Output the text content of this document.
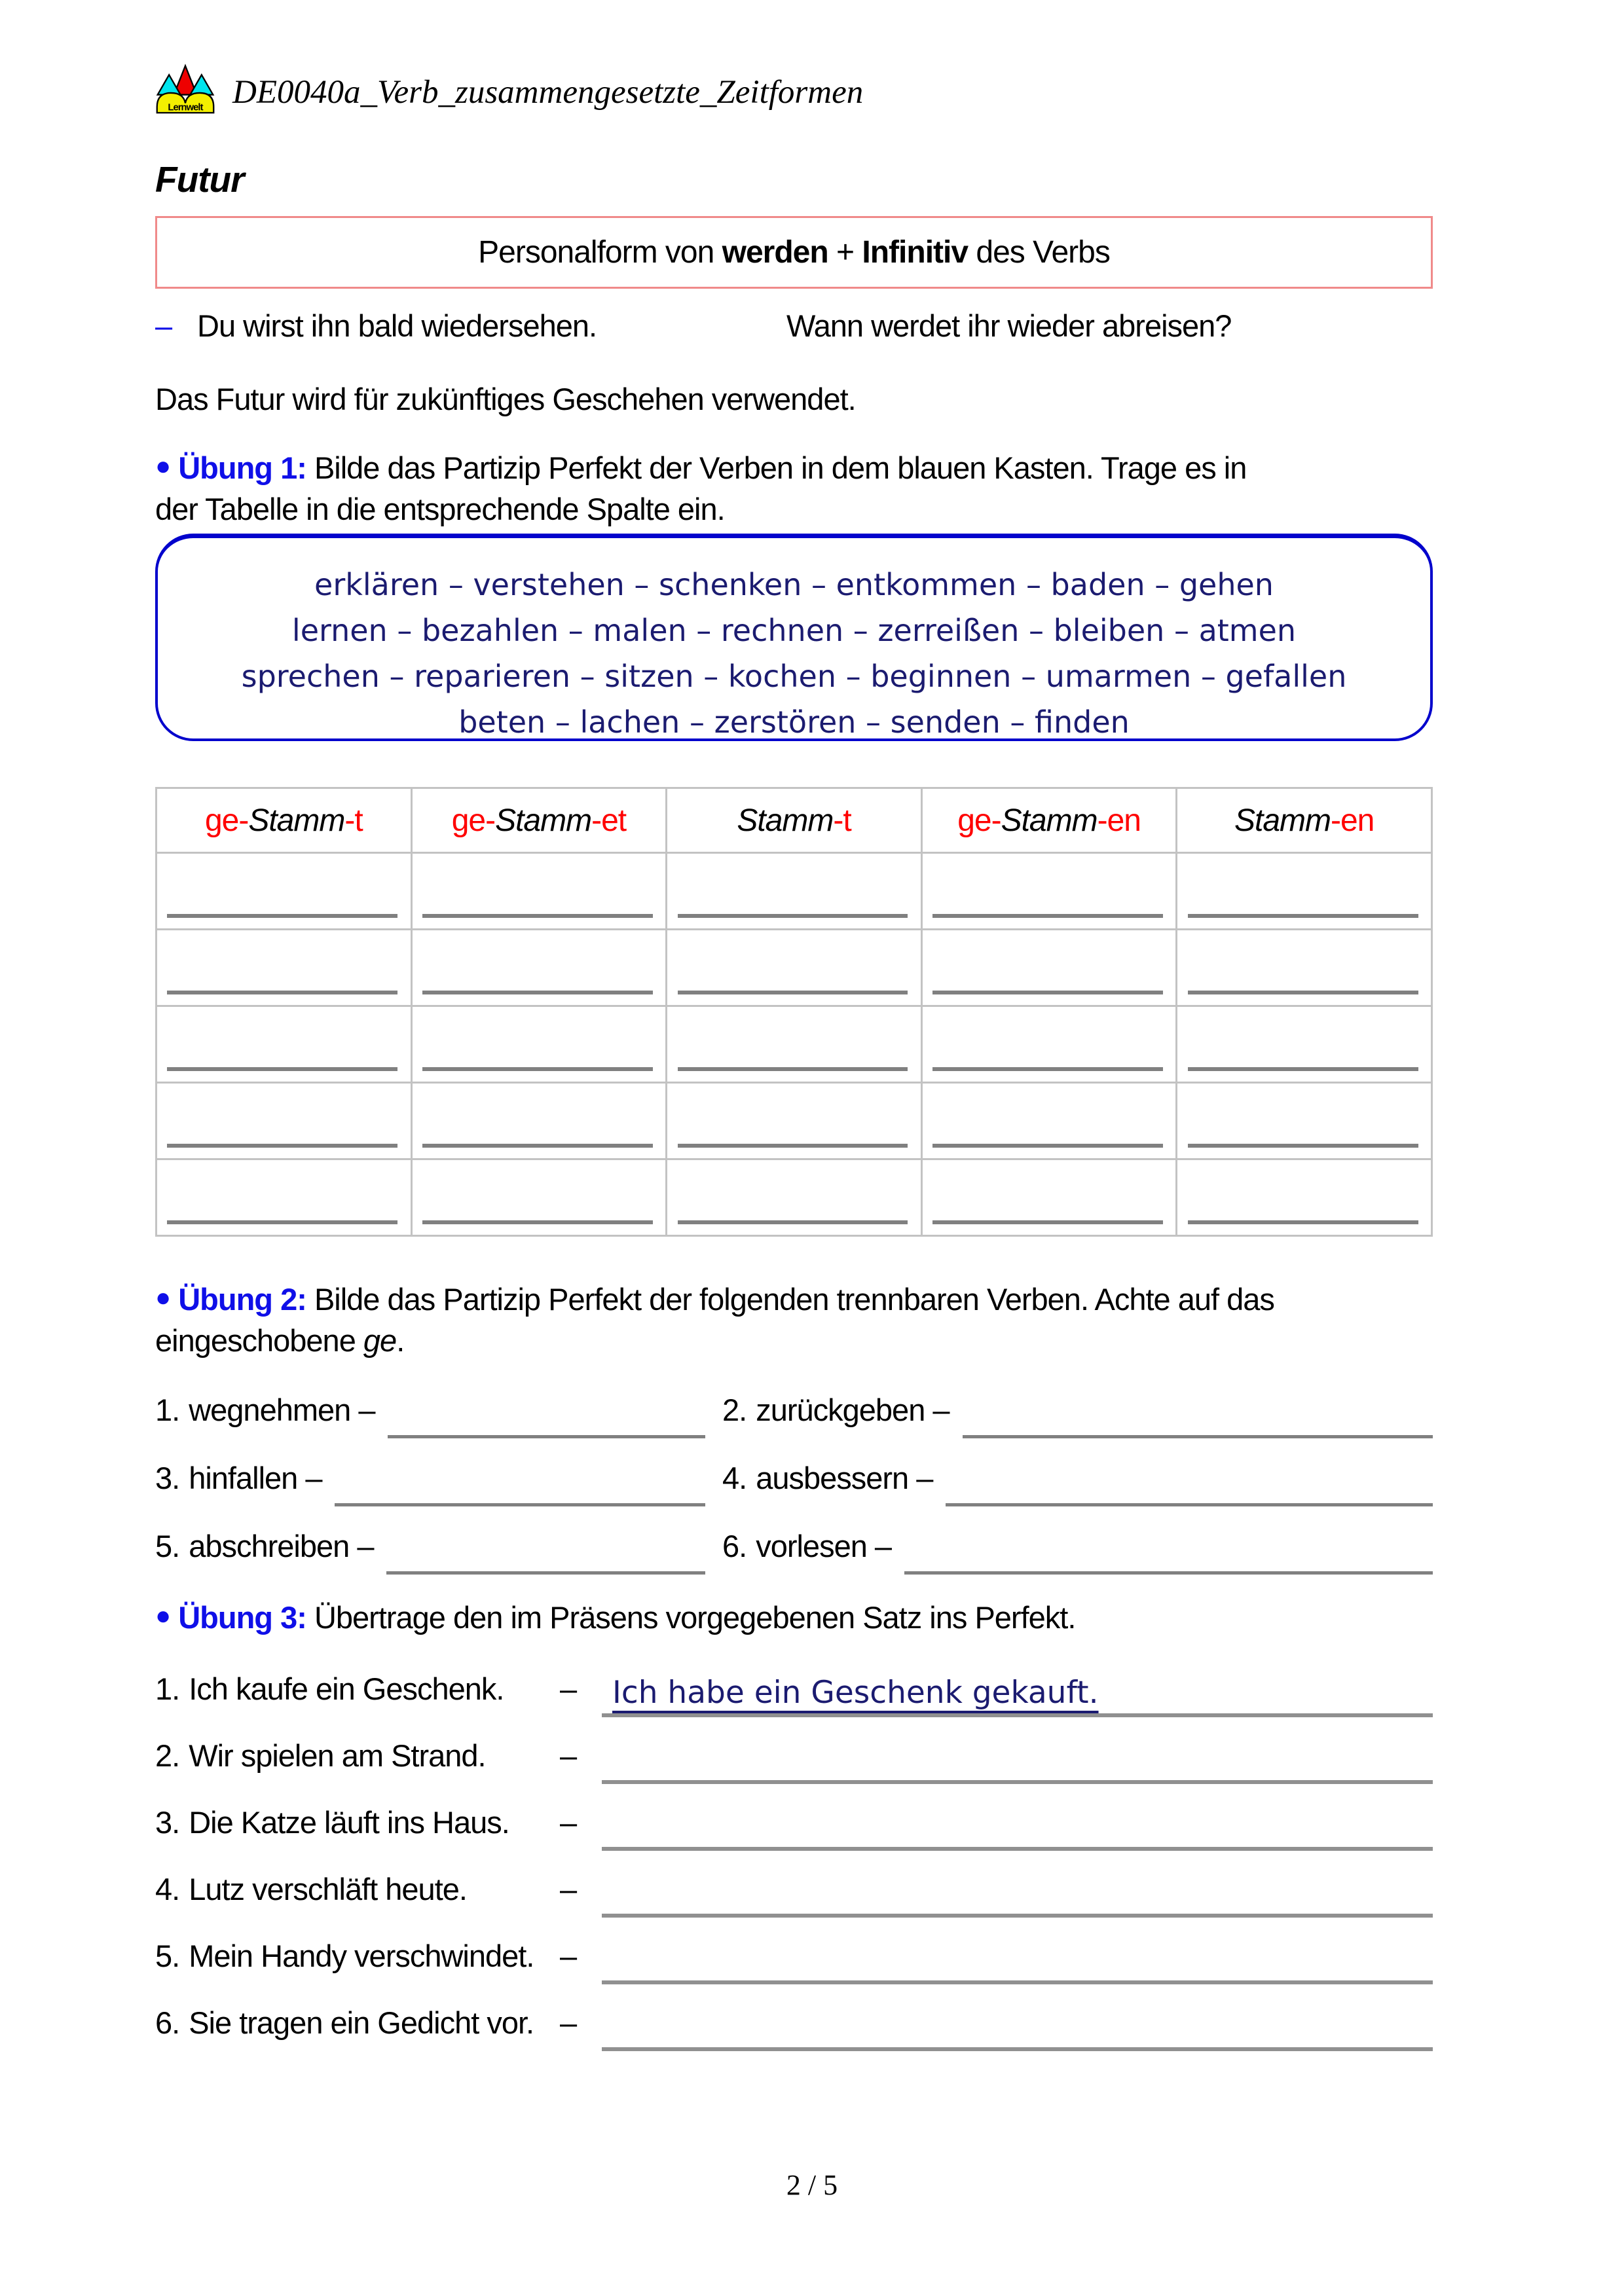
Lernwelt DE0040a_Verb_zusammengesetzte_Zeitformen
Futur
Personalform von werden + Infinitiv des Verbs
– Du wirst ihn bald wiedersehen.	Wann werdet ihr wieder abreisen?

Das Futur wird für zukünftiges Geschehen verwendet.

● Übung 1: Bilde das Partizip Perfekt der Verben in dem blauen Kasten. Trage es in
der Tabelle in die entsprechende Spalte ein.

erklären – verstehen – schenken – entkommen – baden – gehen
lernen – bezahlen – malen – rechnen – zerreißen – bleiben – atmen
sprechen – reparieren – sitzen – kochen – beginnen – umarmen – gefallen
beten – lachen – zerstören – senden – finden
ge-Stamm-t	ge-Stamm-et	Stamm-t	ge-Stamm-en	Stamm-en

● Übung 2: Bilde das Partizip Perfekt der folgenden trennbaren Verben. Achte auf das
eingeschobene ge.

1. wegnehmen –	2. zurückgeben –
3. hinfallen –	4. ausbessern –
5. abschreiben –	6. vorlesen –

● Übung 3: Übertrage den im Präsens vorgegebenen Satz ins Perfekt.

1. Ich kaufe ein Geschenk. –	Ich habe ein Geschenk gekauft.
2. Wir spielen am Strand. –
3. Die Katze läuft ins Haus. –
4. Lutz verschläft heute.	–
5. Mein Handy verschwindet. –
6. Sie tragen ein Gedicht vor. –
2 / 5
